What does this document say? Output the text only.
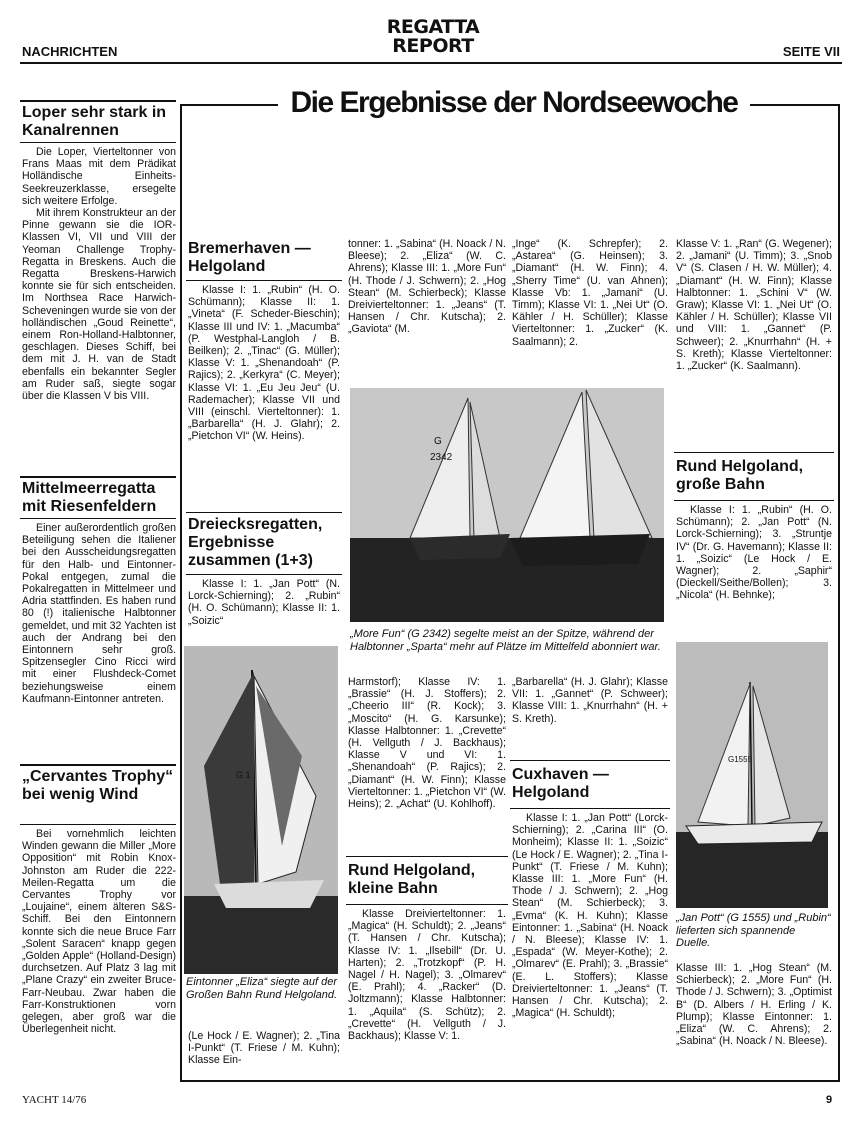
NACHRICHTEN
REGATTA
REPORT	SEITE VII
Loper sehr stark in Kanalrennen

Die Loper, Vierteltonner von Frans Maas mit dem Prädikat Holländische Einheits-Seekreuzerklasse, ersegelte sich weitere Erfolge.

Mit ihrem Konstrukteur an der Pinne gewann sie die IOR-Klassen VI, VII und VIII der Yeoman Challenge Trophy-Regatta in Breskens. Auch die Regatta Breskens-Harwich konnte sie für sich entscheiden. Im Northsea Race Harwich-Scheveningen wurde sie von der holländischen „Goud Reinette“, einem Ron-Holland-Halbtonner, geschlagen. Dieses Schiff, bei dem mit J. H. van de Stadt ebenfalls ein bekannter Segler am Ruder saß, siegte sogar über die Klassen V bis VIII.

Mittelmeerregatta mit Riesenfeldern

Einer außerordentlich großen Beteiligung sehen die Italiener bei den Ausscheidungsregatten für den Halb- und Eintonner-Pokal entgegen, zumal die Pokalregatten in Mittelmeer und Adria stattfinden. Es haben rund 80 (!) italienische Halbtonner gemeldet, und mit 32 Yachten ist auch der Andrang bei den Eintonnern sehr groß. Spitzensegler Cino Ricci wird mit einer Flushdeck-Comet beziehungsweise einem Kaufmann-Eintonner antreten.

„Cervantes Trophy“ bei wenig Wind

Bei vornehmlich leichten Winden gewann die Miller „More Opposition“ mit Robin Knox-Johnston am Ruder die 222-Meilen-Regatta um die Cervantes Trophy vor „Loujaine“, einem älteren S&S-Schiff. Bei den Eintonnern konnte sich die neue Bruce Farr „Solent Saracen“ knapp gegen „Golden Apple“ (Holland-Design) durchsetzen. Auf Platz 3 lag mit „Plane Crazy“ ein zweiter Bruce-Farr-Neubau. Zwar haben die Farr-Konstruktionen vorn gelegen, aber groß war die Überlegenheit nicht.

Die Ergebnisse der Nordseewoche
Bremerhaven — Helgoland

Klasse I: 1. „Rubin“ (H. O. Schümann); Klasse II: 1. „Vineta“ (F. Scheder-Bieschin); Klasse III und IV: 1. „Macumba“ (P. Westphal-Langloh / B. Beilken); 2. „Tinac“ (G. Müller); Klasse V: 1. „Shenandoah“ (P. Rajics); 2. „Kerkyra“ (C. Meyer); Klasse VI: 1. „Eu Jeu Jeu“ (U. Rademacher); Klasse VII und VIII (einschl. Vierteltonner): 1. „Barbarella“ (H. J. Glahr); 2. „Pietchon VI“ (W. Heins).

Dreiecksregatten, Ergebnisse zusammen (1+3)

Klasse I: 1. „Jan Pott“ (N. Lorck-Schierning); 2. „Rubin“ (H. O. Schümann); Klasse II: 1. „Soizic“

G 1
Eintonner „Eliza“ siegte auf der Großen Bahn Rund Helgoland.

(Le Hock / E. Wagner); 2. „Tina I-Punkt“ (T. Friese / M. Kuhn); Klasse Ein-

tonner: 1. „Sabina“ (H. Noack / N. Bleese); 2. „Eliza“ (W. C. Ahrens); Klasse III: 1. „More Fun“ (H. Thode / J. Schwern); 2. „Hog Stean“ (M. Schierbeck); Klasse Dreivierteltonner: 1. „Jeans“ (T. Hansen / Chr. Kutscha); 2. „Gaviota“ (M.

„Inge“ (K. Schrepfer); 2. „Astarea“ (G. Heinsen); 3. „Diamant“ (H. W. Finn); 4. „Sherry Time“ (U. van Ahnen); Klasse Vb: 1. „Jamani“ (U. Timm); Klasse VI: 1. „Nei Ut“ (O. Kähler / H. Schüller); Klasse Vierteltonner: 1. „Zucker“ (K. Saalmann); 2.

G
2342
„More Fun“ (G 2342) segelte meist an der Spitze, während der Halbtonner „Sparta“ mehr auf Plätze im Mittelfeld abonniert war.

Harmstorf); Klasse IV: 1. „Brassie“ (H. J. Stoffers); 2. „Cheerio III“ (R. Kock); 3. „Moscito“ (H. G. Karsunke); Klasse Halbtonner: 1. „Crevette“ (H. Vellguth / J. Backhaus); Klasse V und VI: 1. „Shenandoah“ (P. Rajics); 2. „Diamant“ (H. W. Finn); Klasse Vierteltonner: 1. „Pietchon VI“ (W. Heins); 2. „Achat“ (U. Kohlhoff).

Rund Helgoland, kleine Bahn

Klasse Dreivierteltonner: 1. „Magica“ (H. Schuldt); 2. „Jeans“ (T. Hansen / Chr. Kutscha); Klasse IV: 1. „Ilsebill“ (Dr. U. Harten); 2. „Trotzkopf“ (P. H. Nagel / H. Nagel); 3. „Olmarev“ (E. Prahl); 4. „Racker“ (D. Joltzmann); Klasse Halbtonner: 1. „Aquila“ (S. Schütz); 2. „Crevette“ (H. Vellguth / J. Backhaus); Klasse V: 1.

„Barbarella“ (H. J. Glahr); Klasse VII: 1. „Gannet“ (P. Schweer); Klasse VIII: 1. „Knurrhahn“ (H. + S. Kreth).

Cuxhaven — Helgoland

Klasse I: 1. „Jan Pott“ (Lorck-Schierning); 2. „Carina III“ (O. Monheim); Klasse II: 1. „Soizic“ (Le Hock / E. Wagner); 2. „Tina I-Punkt“ (T. Friese / M. Kuhn); Klasse III: 1. „More Fun“ (H. Thode / J. Schwern); 2. „Hog Stean“ (M. Schierbeck); 3. „Evma“ (K. H. Kuhn); Klasse Eintonner: 1. „Sabina“ (H. Noack / N. Bleese); Klasse IV: 1. „Espada“ (W. Meyer-Kothe); 2. „Olmarev“ (E. Prahl); 3. „Brassie“ (E. L. Stoffers); Klasse Dreivierteltonner: 1. „Jeans“ (T. Hansen / Chr. Kutscha); 2. „Magica“ (H. Schuldt);

Klasse V: 1. „Ran“ (G. Wegener); 2. „Jamani“ (U. Timm); 3. „Snob V“ (S. Clasen / H. W. Müller); 4. „Diamant“ (H. W. Finn); Klasse Halbtonner: 1. „Schini V“ (W. Graw); Klasse VI: 1. „Nei Ut“ (O. Kähler / H. Schüller); Klasse VII und VIII: 1. „Gannet“ (P. Schweer); 2. „Knurrhahn“ (H. + S. Kreth); Klasse Vierteltonner: 1. „Zucker“ (K. Saalmann).

Rund Helgoland, große Bahn

Klasse I: 1. „Rubin“ (H. O. Schümann); 2. „Jan Pott“ (N. Lorck-Schierning); 3. „Struntje IV“ (Dr. G. Havemann); Klasse II: 1. „Soizic“ (Le Hock / E. Wagner); 2. „Saphir“ (Dieckell/Seithe/Bollen); 3. „Nicola“ (H. Behnke);

G1555
„Jan Pott“ (G 1555) und „Rubin“ lieferten sich spannende Duelle.

Klasse III: 1. „Hog Stean“ (M. Schierbeck); 2. „More Fun“ (H. Thode / J. Schwern); 3. „Optimist B“ (D. Albers / H. Erling / K. Plump); Klasse Eintonner: 1. „Eliza“ (W. C. Ahrens); 2. „Sabina“ (H. Noack / N. Bleese).

YACHT 14/76	9
